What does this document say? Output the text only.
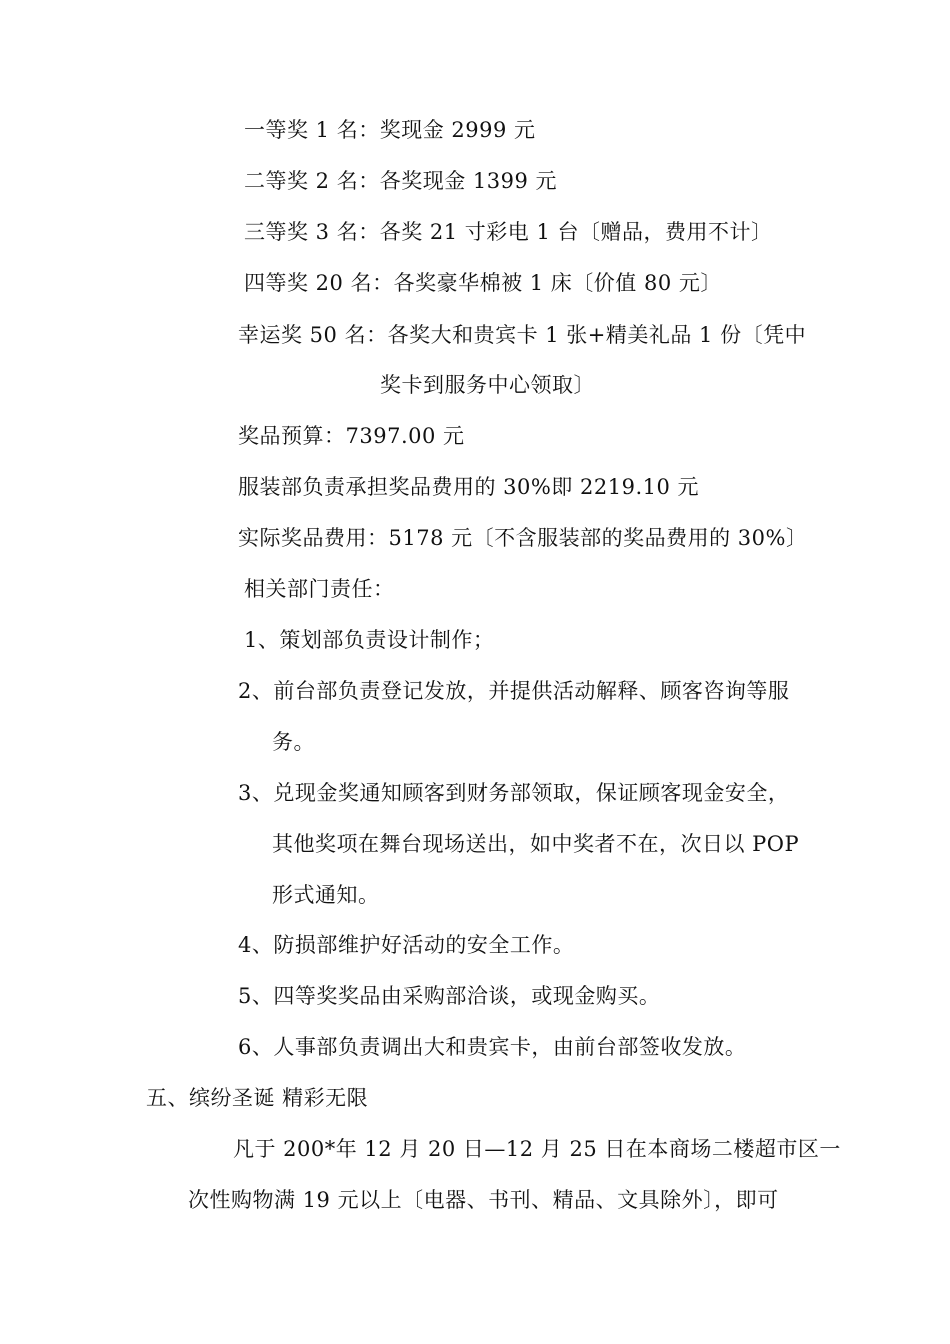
一等奖 1 名：奖现金 2999 元
二等奖 2 名：各奖现金 1399 元
三等奖 3 名：各奖 21 寸彩电 1 台〔赠品，费用不计〕
四等奖 20 名：各奖豪华棉被 1 床〔价值 80 元〕
幸运奖 50 名：各奖大和贵宾卡 1 张+精美礼品 1 份〔凭中
奖卡到服务中心领取〕
奖品预算：7397.00 元
服装部负责承担奖品费用的 30%即 2219.10 元
实际奖品费用：5178 元〔不含服装部的奖品费用的 30%〕
相关部门责任：
1、策划部负责设计制作；
2、前台部负责登记发放，并提供活动解释、顾客咨询等服
务。
3、兑现金奖通知顾客到财务部领取，保证顾客现金安全，
其他奖项在舞台现场送出，如中奖者不在，次日以 POP
形式通知。
4、防损部维护好活动的安全工作。
5、四等奖奖品由采购部洽谈，或现金购买。
6、人事部负责调出大和贵宾卡，由前台部签收发放。
五、缤纷圣诞 精彩无限
凡于 200*年 12 月 20 日—12 月 25 日在本商场二楼超市区一
次性购物满 19 元以上〔电器、书刊、精品、文具除外〕，即可
